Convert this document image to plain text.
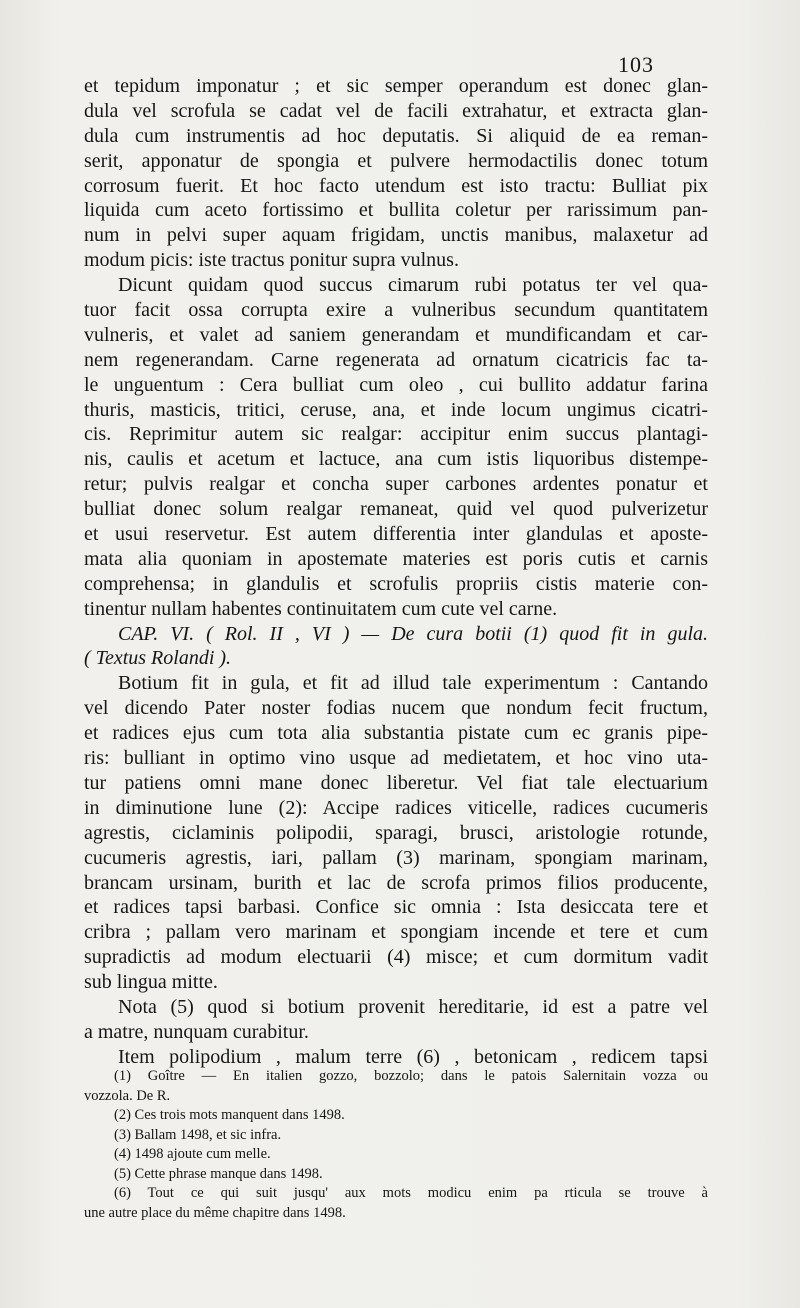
103
et tepidum imponatur ; et sic semper operandum est donec glan-
dula vel scrofula se cadat vel de facili extrahatur, et extracta glan-
dula cum instrumentis ad hoc deputatis. Si aliquid de ea reman-
serit, apponatur de spongia et pulvere hermodactilis donec totum
corrosum fuerit. Et hoc facto utendum est isto tractu: Bulliat pix
liquida cum aceto fortissimo et bullita coletur per rarissimum pan-
num in pelvi super aquam frigidam, unctis manibus, malaxetur ad
modum picis: iste tractus ponitur supra vulnus.
Dicunt quidam quod succus cimarum rubi potatus ter vel qua-
tuor facit ossa corrupta exire a vulneribus secundum quantitatem
vulneris, et valet ad saniem generandam et mundificandam et car-
nem regenerandam. Carne regenerata ad ornatum cicatricis fac ta-
le unguentum : Cera bulliat cum oleo , cui bullito addatur farina
thuris, masticis, tritici, ceruse, ana, et inde locum ungimus cicatri-
cis. Reprimitur autem sic realgar: accipitur enim succus plantagi-
nis, caulis et acetum et lactuce, ana cum istis liquoribus distempe-
retur; pulvis realgar et concha super carbones ardentes ponatur et
bulliat donec solum realgar remaneat, quid vel quod pulverizetur
et usui reservetur. Est autem differentia inter glandulas et aposte-
mata alia quoniam in apostemate materies est poris cutis et carnis
comprehensa; in glandulis et scrofulis propriis cistis materie con-
tinentur nullam habentes continuitatem cum cute vel carne.
CAP. VI. ( Rol. II , VI ) — De cura botii (1) quod fit in gula.
( Textus Rolandi ).
Botium fit in gula, et fit ad illud tale experimentum : Cantando
vel dicendo Pater noster fodias nucem que nondum fecit fructum,
et radices ejus cum tota alia substantia pistate cum ec granis pipe-
ris: bulliant in optimo vino usque ad medietatem, et hoc vino uta-
tur patiens omni mane donec liberetur. Vel fiat tale electuarium
in diminutione lune (2): Accipe radices viticelle, radices cucumeris
agrestis, ciclaminis polipodii, sparagi, brusci, aristologie rotunde,
cucumeris agrestis, iari, pallam (3) marinam, spongiam marinam,
brancam ursinam, burith et lac de scrofa primos filios producente,
et radices tapsi barbasi. Confice sic omnia : Ista desiccata tere et
cribra ; pallam vero marinam et spongiam incende et tere et cum
supradictis ad modum electuarii (4) misce; et cum dormitum vadit
sub lingua mitte.
Nota (5) quod si botium provenit hereditarie, id est a patre vel
a matre, nunquam curabitur.
Item polipodium , malum terre (6) , betonicam , redicem tapsi
(1) Goître — En italien gozzo, bozzolo; dans le patois Salernitain vozza ou
vozzola. De R.
(2) Ces trois mots manquent dans 1498.
(3) Ballam 1498, et sic infra.
(4) 1498 ajoute cum melle.
(5) Cette phrase manque dans 1498.
(6) Tout ce qui suit jusqu' aux mots modicu enim pa rticula se trouve à
une autre place du même chapitre dans 1498.
